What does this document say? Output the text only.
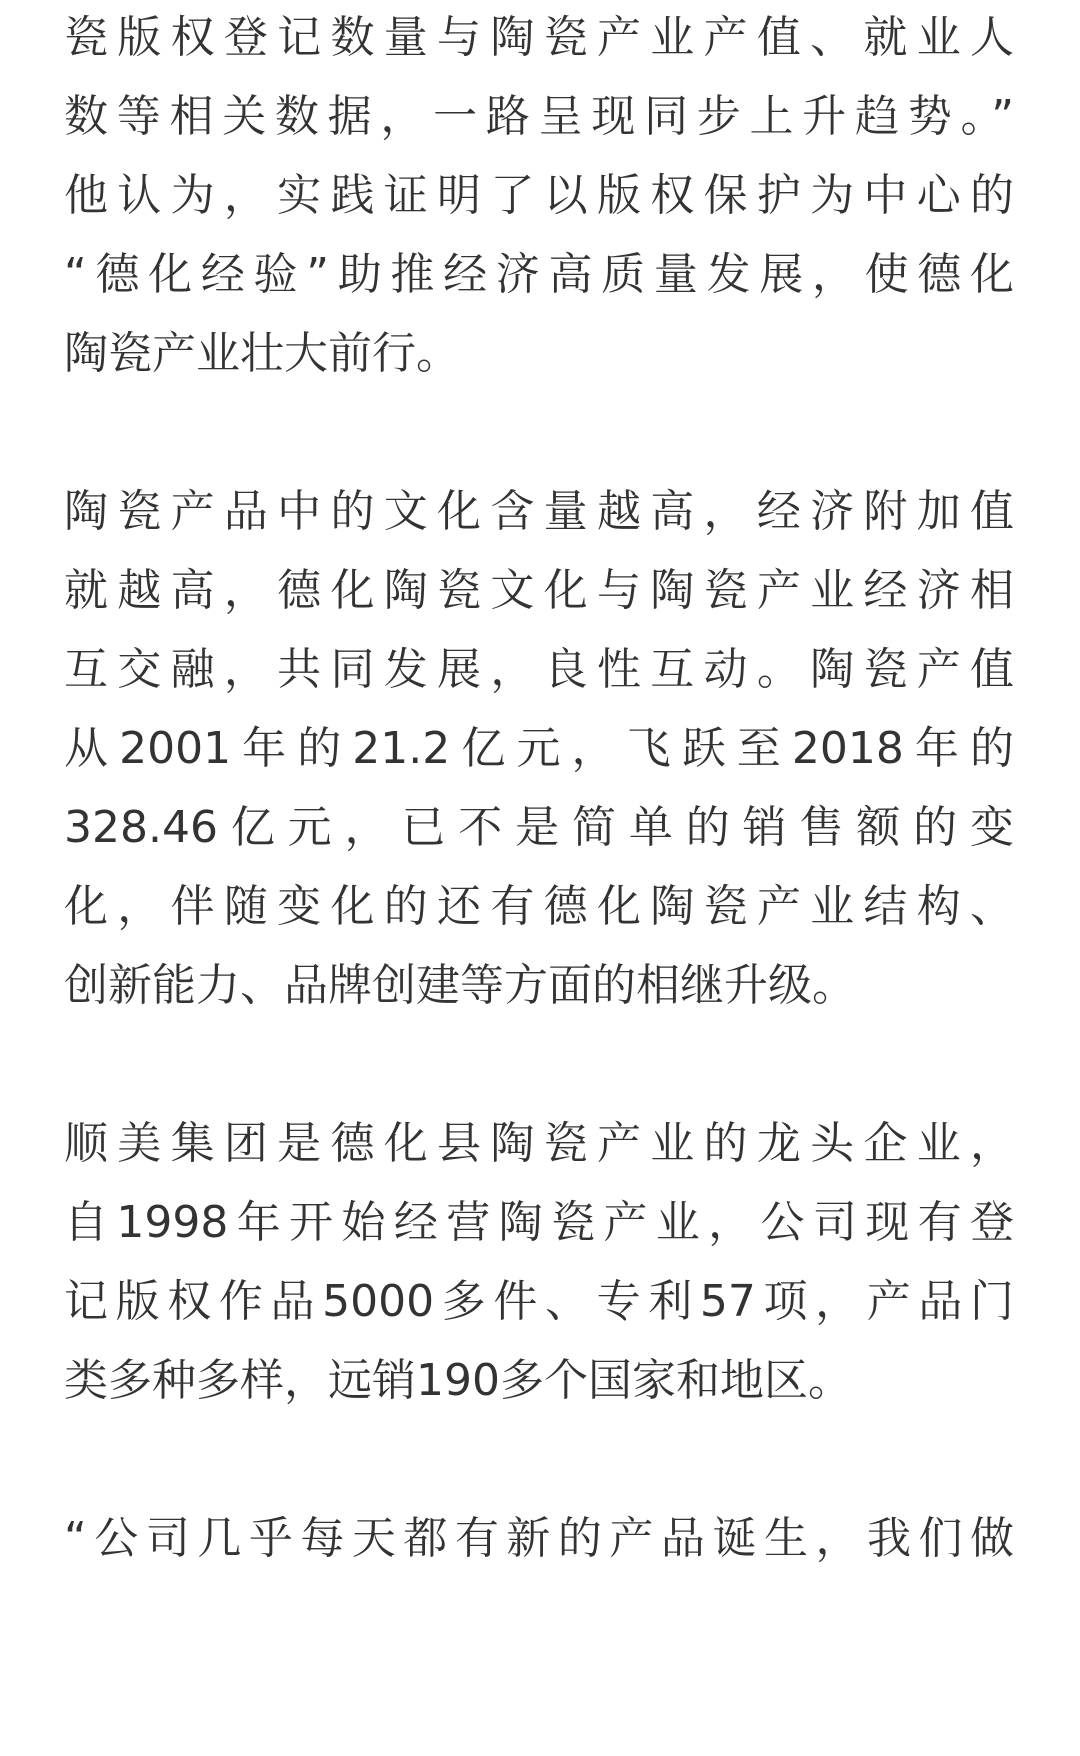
瓷版权登记数量与陶瓷产业产值、就业人
数等相关数据，一路呈现同步上升趋势。”
他认为，实践证明了以版权保护为中心的
“德化经验”助推经济高质量发展，使德化
陶瓷产业壮大前行。
陶瓷产品中的文化含量越高，经济附加值
就越高，德化陶瓷文化与陶瓷产业经济相
互交融，共同发展，良性互动。陶瓷产值
从2001年的21.2亿元，飞跃至2018年的
328.46亿元，已不是简单的销售额的变
化，伴随变化的还有德化陶瓷产业结构、
创新能力、品牌创建等方面的相继升级。
顺美集团是德化县陶瓷产业的龙头企业，
自1998年开始经营陶瓷产业，公司现有登
记版权作品5000多件、专利57项，产品门
类多种多样，远销190多个国家和地区。
“公司几乎每天都有新的产品诞生，我们做
